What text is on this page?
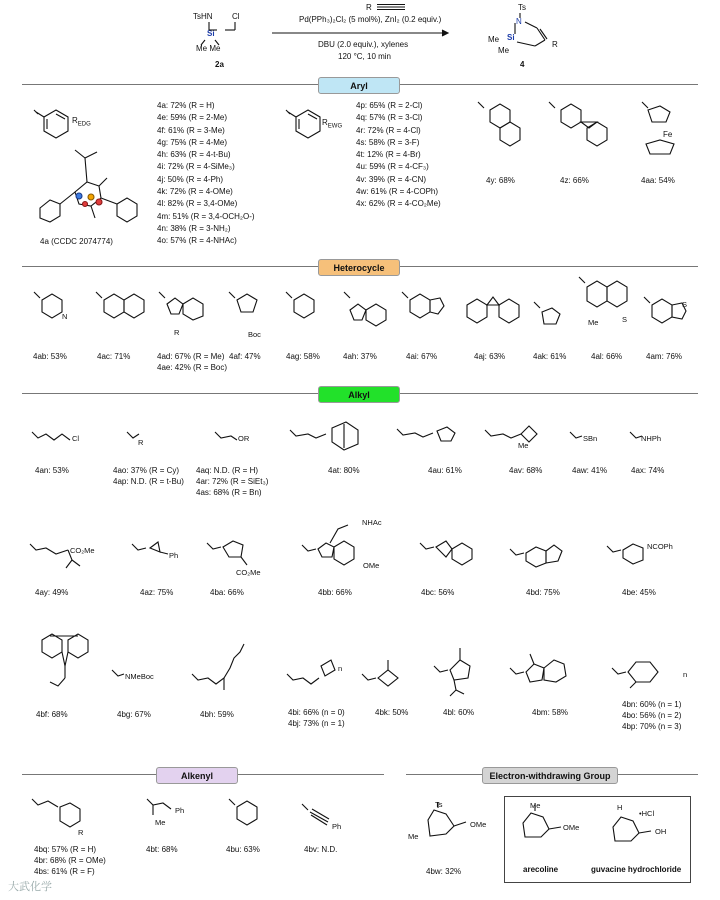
TsHN Cl
Si
Me Me
2a
R
Pd(PPh₃)₂Cl₂ (5 mol%), ZnI₂ (0.2 equiv.)
DBU (2.0 equiv.), xylenes
120 °C, 10 min
Ts
N
Si
Me
Me
R
4
Aryl
$R_{EDG}$
4a (CCDC 2074774)
4a: 72% (R = H)
4e: 59% (R = 2-Me)
4f: 61% (R = 3-Me)
4g: 75% (R = 4-Me)
4h: 63% (R = 4-t-Bu)
4i: 72% (R = 4-SiMe₃)
4j: 50% (R = 4-Ph)
4k: 72% (R = 4-OMe)
4l: 82% (R = 3,4-OMe)
4m: 51% (R = 3,4-OCH₂O-)
4n: 38% (R = 3-NH₂)
4o: 57% (R = 4-NHAc)
$R_{EWG}$
4p: 65% (R = 2-Cl)
4q: 57% (R = 3-Cl)
4r: 72% (R = 4-Cl)
4s: 58% (R = 3-F)
4t: 12% (R = 4-Br)
4u: 59% (R = 4-CF₃)
4v: 39% (R = 4-CN)
4w: 61% (R = 4-COPh)
4x: 62% (R = 4-CO₂Me)
4y: 68%	4z: 66%
Fe
4aa: 54%
Heterocycle
N
R	Boc
S
Me
S
4ab: 53%	4ac: 71%	4ad: 67% (R = Me)
4ae: 42% (R = Boc)
4af: 47%	4ag: 58%	4ah: 37%	4ai: 67%	4aj: 63%	4ak: 61%	4al: 66%	4am: 76%
Alkyl
Cl	R	OR
Me
SBn	NHPh
4an: 53%	4ao: 37% (R = Cy)
4ap: N.D. (R = t-Bu)
4aq: N.D. (R = H)
4ar: 72% (R = SiEt₃)
4as: 68% (R = Bn)
4at: 80%	4au: 61%	4av: 68%	4aw: 41%	4ax: 74%
CO₂Me
Ph
CO₂Me
NHAc
OMe
NCOPh
4ay: 49%	4az: 75%	4ba: 66%	4bb: 66%	4bc: 56%	4bd: 75%	4be: 45%
NMeBoc
n
n
4bf: 68%	4bg: 67%	4bh: 59%	4bi: 66% (n = 0)
4bj: 73% (n = 1)
4bk: 50%	4bl: 60%	4bm: 58%
4bn: 60% (n = 1)
4bo: 56% (n = 2)
4bp: 70% (n = 3)
Alkenyl
R
Me
Ph
Ph
4bq: 57% (R = H)
4br: 68% (R = OMe)
4bs: 61% (R = F)
4bt: 68%	4bu: 63%	4bv: N.D.
Electron-withdrawing Group
Ts
OMe
Me
4bw: 32%
Me
OMe
arecoline
H
•HCl
OH
guvacine hydrochloride
大武化学
